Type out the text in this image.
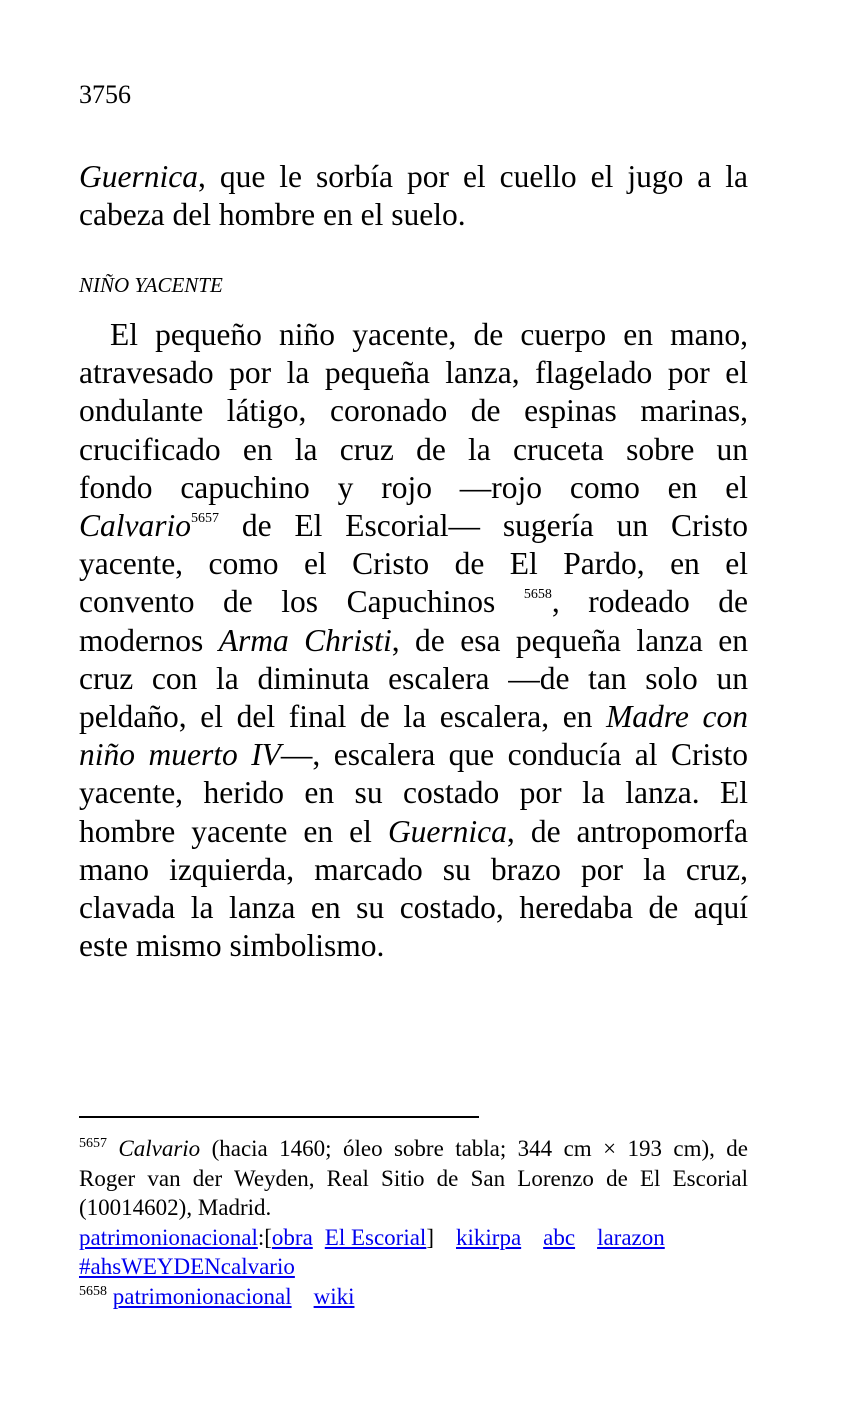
3756
Guernica, que le sorbía por el cuello el jugo a la
cabeza del hombre en el suelo.
NIÑO YACENTE
El pequeño niño yacente, de cuerpo en mano,
atravesado por la pequeña lanza, flagelado por el
ondulante látigo, coronado de espinas marinas,
crucificado en la cruz de la cruceta sobre un
fondo capuchino y rojo —rojo como en el
Calvario$^{5657}$ de El Escorial— sugería un Cristo
yacente, como el Cristo de El Pardo, en el
convento de los Capuchinos $^{5658}$, rodeado de
modernos Arma Christi, de esa pequeña lanza en
cruz con la diminuta escalera —de tan solo un
peldaño, el del final de la escalera, en Madre con
niño muerto IV—, escalera que conducía al Cristo
yacente, herido en su costado por la lanza. El
hombre yacente en el Guernica, de antropomorfa
mano izquierda, marcado su brazo por la cruz,
clavada la lanza en su costado, heredaba de aquí
este mismo simbolismo.
$^{5657}$ Calvario (hacia 1460; óleo sobre tabla; 344 cm × 193 cm), de
Roger van der Weyden, Real Sitio de San Lorenzo de El Escorial
(10014602), Madrid.
patrimonionacional:[obra El Escorial] kikirpa abc larazon
#ahsWEYDENcalvario
$^{5658}$ patrimonionacional wiki
